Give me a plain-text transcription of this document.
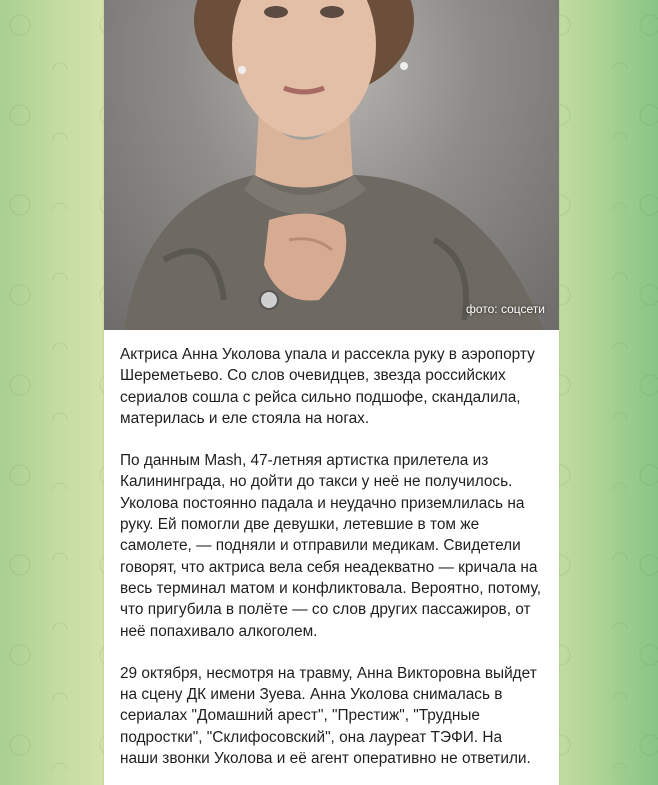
фото: соцсети

Актриса Анна Уколова упала и рассекла руку в аэропорту Шереметьево. Со слов очевидцев, звезда российских сериалов сошла с рейса сильно подшофе, скандалила, материлась и еле стояла на ногах.

По данным Mash, 47-летняя артистка прилетела из Калининграда, но дойти до такси у неё не получилось. Уколова постоянно падала и неудачно приземлилась на руку. Ей помогли две девушки, летевшие в том же самолете, — подняли и отправили медикам. Свидетели говорят, что актриса вела себя неадекватно — кричала на весь терминал матом и конфликтовала. Вероятно, потому, что пригубила в полёте — со слов других пассажиров, от неё попахивало алкоголем.

29 октября, несмотря на травму, Анна Викторовна выйдет на сцену ДК имени Зуева. Анна Уколова снималась в сериалах "Домашний арест", "Престиж", "Трудные подростки", "Склифосовский", она лауреат ТЭФИ. На наши звонки Уколова и её агент оперативно не ответили.
